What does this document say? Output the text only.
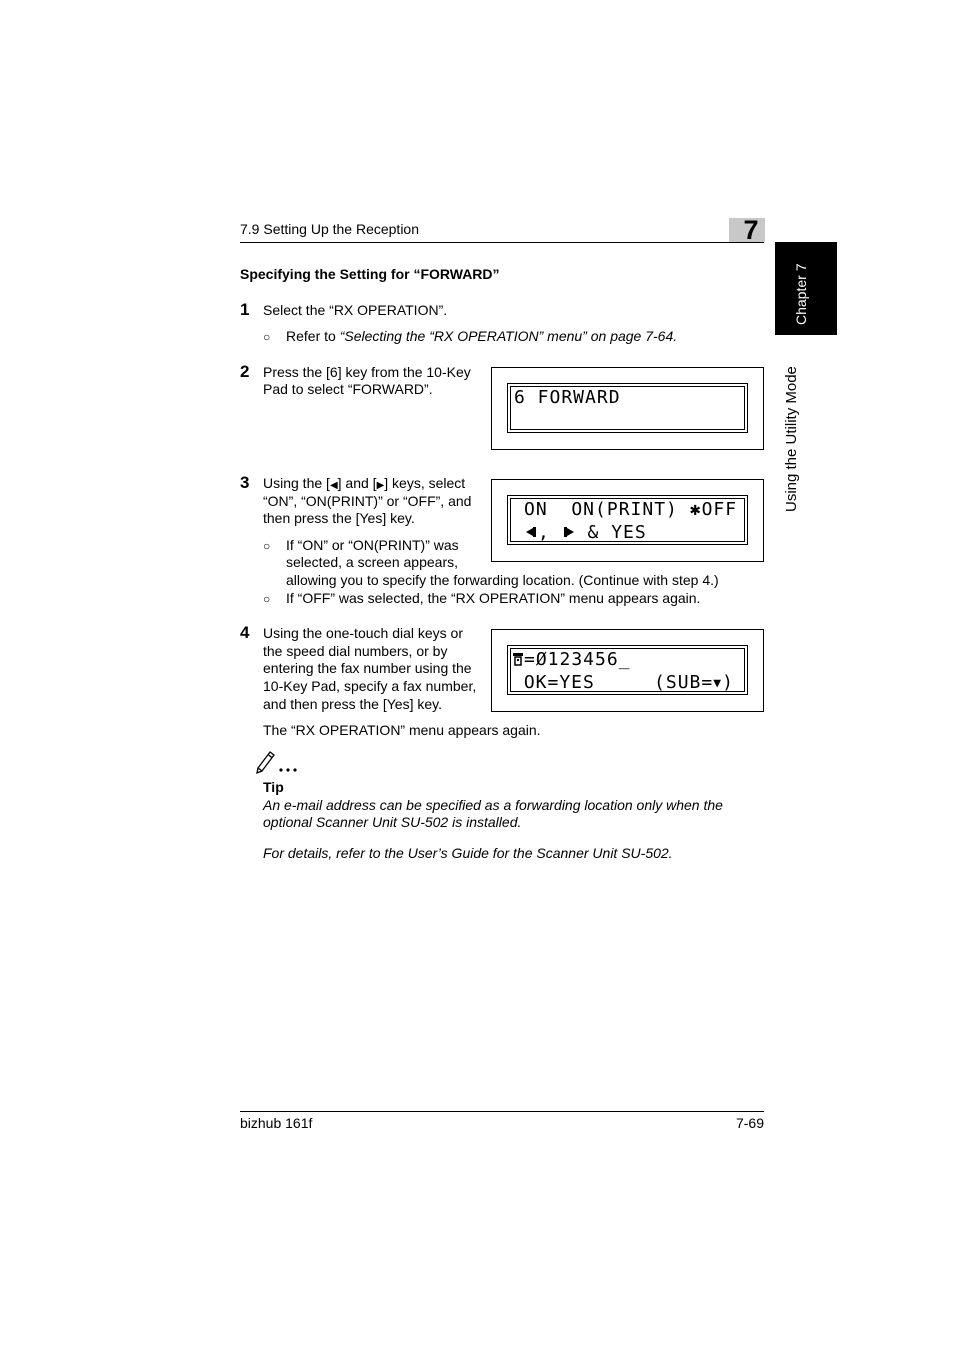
7.9 Setting Up the Reception	7
Chapter 7
Using the Utility Mode
Specifying the Setting for “FORWARD”
1 Select the “RX OPERATION”.
○ Refer to “Selecting the “RX OPERATION” menu” on page 7-64.
2 Press the [6] key from the 10-Key
Pad to select “FORWARD”.	6 FORWARD
3 Using the [◀] and [▶] keys, select
“ON”, “ON(PRINT)” or “OFF”, and
then press the [Yes] key.
○ If “ON” or “ON(PRINT)” was
selected, a screen appears,
allowing you to specify the forwarding location. (Continue with step 4.)
○ If “OFF” was selected, the “RX OPERATION” menu appears again.
ON  ON(PRINT) ✱OFF
,  & YES
4 Using the one-touch dial keys or
the speed dial numbers, or by
entering the fax number using the
10-Key Pad, specify a fax number,
and then press the [Yes] key.
The “RX OPERATION” menu appears again.
=Ø123456_
OK=YES     (SUB=▼)
Tip
An e-mail address can be specified as a forwarding location only when the
optional Scanner Unit SU-502 is installed.
For details, refer to the User’s Guide for the Scanner Unit SU-502.
bizhub 161f	7-69
